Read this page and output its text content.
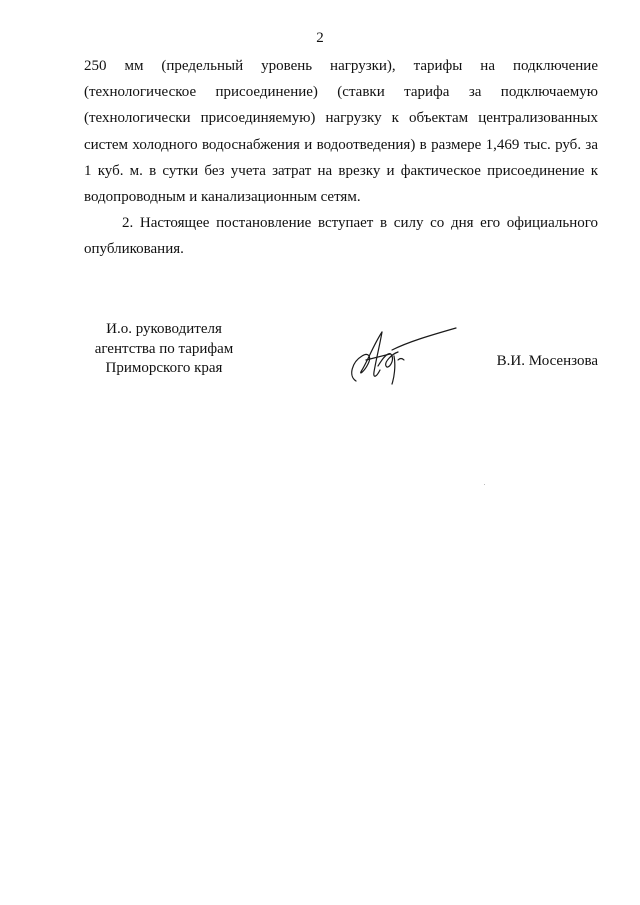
2
250 мм (предельный уровень нагрузки), тарифы на подключение
(технологическое присоединение) (ставки тарифа за подключаемую
(технологически присоединяемую) нагрузку к объектам централизованных
систем холодного водоснабжения и водоотведения) в размере 1,469 тыс. руб. за
1 куб. м. в сутки без учета затрат на врезку и фактическое присоединение к
водопроводным и канализационным сетям.
2. Настоящее постановление вступает в силу со дня его официального
опубликования.
И.о. руководителя
агентства по тарифам
Приморского края	В.И. Мосензова
